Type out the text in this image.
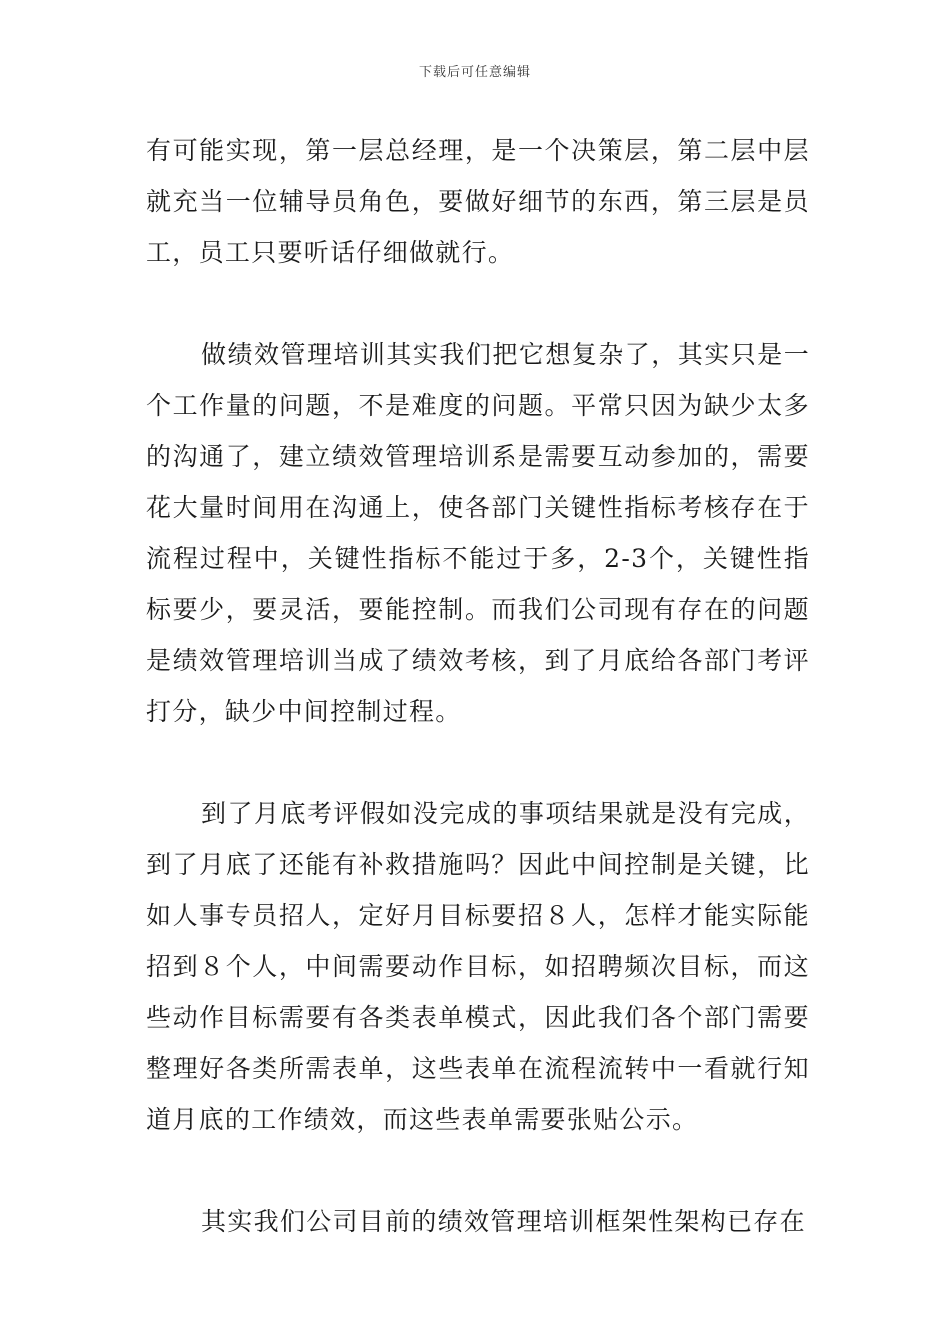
下载后可任意编辑

有可能实现，第一层总经理，是一个决策层，第二层中层就充当一位辅导员角色，要做好细节的东西，第三层是员工，员工只要听话仔细做就行。

做绩效管理培训其实我们把它想复杂了，其实只是一个工作量的问题，不是难度的问题。平常只因为缺少太多的沟通了，建立绩效管理培训系是需要互动参加的，需要花大量时间用在沟通上，使各部门关键性指标考核存在于流程过程中，关键性指标不能过于多，2-3个，关键性指标要少，要灵活，要能控制。而我们公司现有存在的问题是绩效管理培训当成了绩效考核，到了月底给各部门考评打分，缺少中间控制过程。

到了月底考评假如没完成的事项结果就是没有完成，到了月底了还能有补救措施吗？因此中间控制是关键，比如人事专员招人，定好月目标要招８人，怎样才能实际能招到８个人，中间需要动作目标，如招聘频次目标，而这些动作目标需要有各类表单模式，因此我们各个部门需要整理好各类所需表单，这些表单在流程流转中一看就行知道月底的工作绩效，而这些表单需要张贴公示。

其实我们公司目前的绩效管理培训框架性架构已存在
